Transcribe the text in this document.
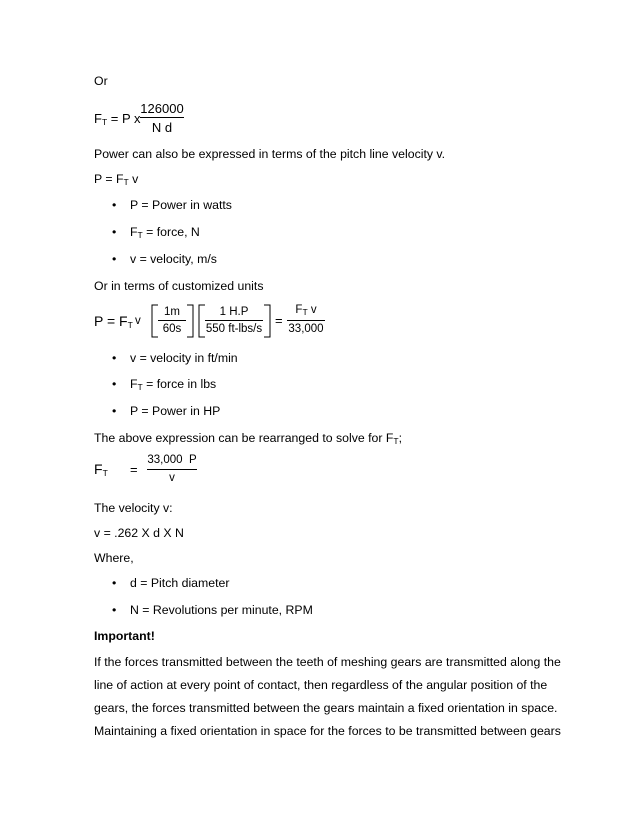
Or
$F_T = P$ x
126000
N d
Power can also be expressed in terms of the pitch line velocity v.
$P = F_T$ v
• P = Power in watts
• $F_T$ = force, N
• v = velocity, m/s
Or in terms of customized units
$P = F_T$ v
1m
60s
1 H.P
550 ft-lbs/s
=
$F_T$ v
33,000
• v = velocity in ft/min
• $F_T$ = force in lbs
• P = Power in HP
The above expression can be rearranged to solve for $F_T$;
$F_T$ =
33,000  P
v
The velocity v:
v = .262 X d X N
Where,
• d = Pitch diameter
• N = Revolutions per minute, RPM
Important!
If the forces transmitted between the teeth of meshing gears are transmitted along the
line of action at every point of contact, then regardless of the angular position of the
gears, the forces transmitted between the gears maintain a fixed orientation in space.
Maintaining a fixed orientation in space for the forces to be transmitted between gears
